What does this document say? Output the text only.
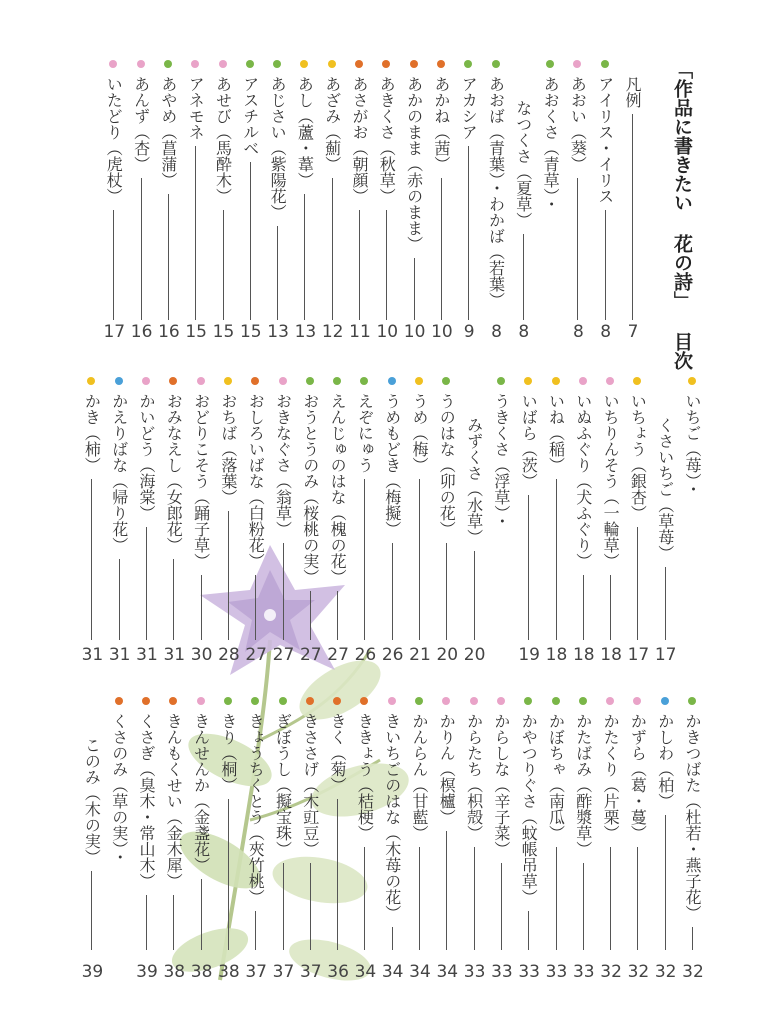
「作品に書きたい 花の詩」 目次
凡例
7
アイリス・イリス
8
あおい（葵）
8
あおくさ（青草）・
なつくさ（夏草）
8
あおば（青葉）・わかば（若葉）
8
アカシア
9
あかね（茜）
10
あかのまま（赤のまま）
10
あきくさ（秋草）
10
あさがお（朝顔）
11
あざみ（薊）
12
あし（蘆・葦）
13
あじさい（紫陽花）
13
アスチルベ
15
あせび（馬酔木）
15
アネモネ
15
あやめ（菖蒲）
16
あんず（杏）
16
いたどり（虎杖）
17
いちご（苺）・
くさいちご（草苺）
17
いちょう（銀杏）
17
いちりんそう（一輪草）
18
いぬふぐり（犬ふぐり）
18
いね（稲）
18
いばら（茨）
19
うきくさ（浮草）・
みずくさ（水草）
20
うのはな（卯の花）
20
うめ（梅）
21
うめもどき（梅擬）
26
えぞにゅう
26
えんじゅのはな（槐の花）
27
おうとうのみ（桜桃の実）
27
おきなぐさ（翁草）
27
おしろいばな（白粉花）
27
おちば（落葉）
28
おどりこそう（踊子草）
30
おみなえし（女郎花）
31
かいどう（海棠）
31
かえりばな（帰り花）
31
かき（柿）
31
かきつばた（杜若・燕子花）
32
かしわ（柏）
32
かずら（葛・蔓）
32
かたくり（片栗）
32
かたばみ（酢漿草）
33
かぼちゃ（南瓜）
33
かやつりぐさ（蚊帳吊草）
33
からしな（辛子菜）
33
からたち（枳殻）
33
かりん（榠櫨）
34
かんらん（甘藍）
34
きいちごのはな（木苺の花）
34
ききょう（桔梗）
34
きく（菊）
36
きささげ（木豇豆）
37
ぎぼうし（擬宝珠）
37
きょうちくとう（夾竹桃）
37
きり（桐）
38
きんせんか（金盞花）
38
きんもくせい（金木犀）
38
くさぎ（臭木・常山木）
39
くさのみ（草の実）・
このみ（木の実）
39
